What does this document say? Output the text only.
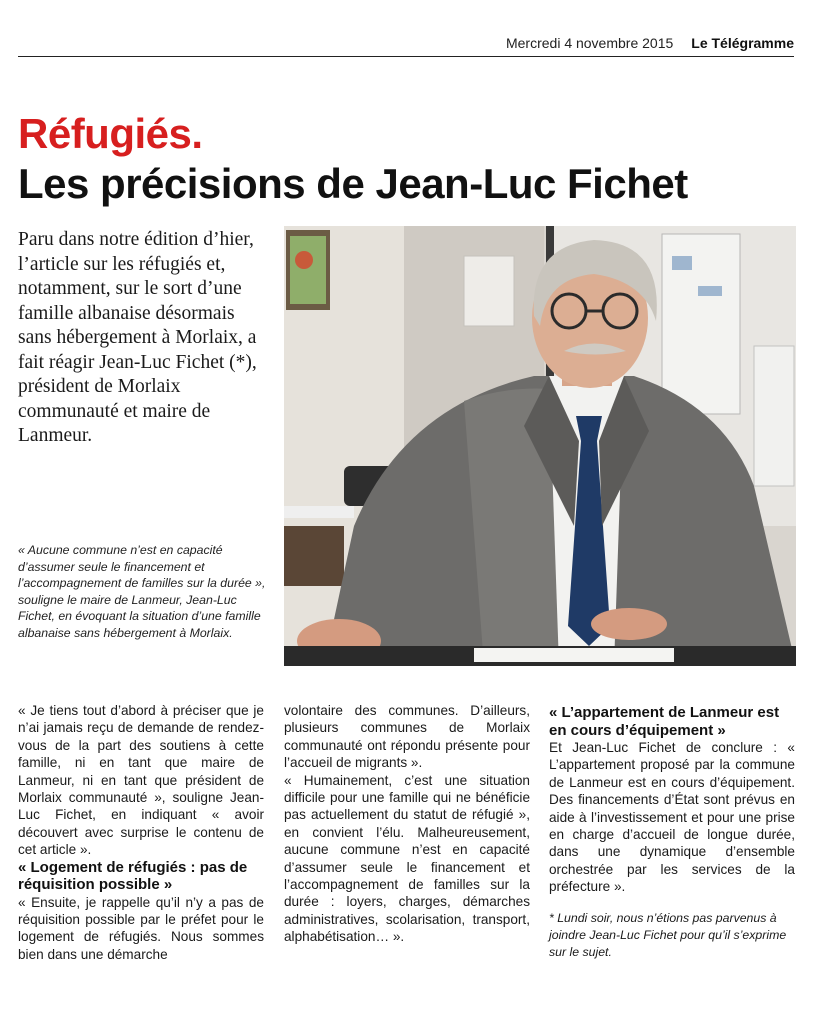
Mercredi 4 novembre 2015 Le Télégramme
Réfugiés.
Les précisions de Jean-Luc Fichet
Paru dans notre édition d’hier, l’article sur les réfugiés et, notamment, sur le sort d’une famille albanaise désormais sans hébergement à Morlaix, a fait réagir Jean-Luc Fichet (*), président de Morlaix communauté et maire de Lanmeur.
« Aucune commune n’est en capacité d’assumer seule le financement et l’accompagnement de familles sur la durée », souligne le maire de Lanmeur, Jean-Luc Fichet, en évoquant la situation d’une famille albanaise sans hébergement à Morlaix.

« Je tiens tout d’abord à préciser que je n’ai jamais reçu de demande de rendez-vous de la part des soutiens à cette famille, ni en tant que maire de Lanmeur, ni en tant que président de Morlaix communauté », souligne Jean-Luc Fichet, en indiquant « avoir découvert avec surprise le contenu de cet article ».

« Logement de réfugiés : pas de réquisition possible »

« Ensuite, je rappelle qu’il n’y a pas de réquisition possible par le préfet pour le logement de réfugiés. Nous sommes bien dans une démarche

volontaire des communes. D’ailleurs, plusieurs communes de Morlaix communauté ont répondu présente pour l’accueil de migrants ».

« Humainement, c’est une situation difficile pour une famille qui ne bénéficie pas actuellement du statut de réfugié », en convient l’élu. Malheureusement, aucune commune n’est en capacité d’assumer seule le financement et l’accompagnement de familles sur la durée : loyers, charges, démarches administratives, scolarisation, transport, alphabétisation… ».

« L’appartement de Lanmeur est en cours d’équipement »

Et Jean-Luc Fichet de conclure : « L’appartement proposé par la commune de Lanmeur est en cours d’équipement. Des financements d’État sont prévus en aide à l’investissement et pour une prise en charge d’accueil de longue durée, dans une dynamique d’ensemble orchestrée par les services de la préfecture ».

* Lundi soir, nous n’étions pas parvenus à joindre Jean-Luc Fichet pour qu’il s’exprime sur le sujet.
